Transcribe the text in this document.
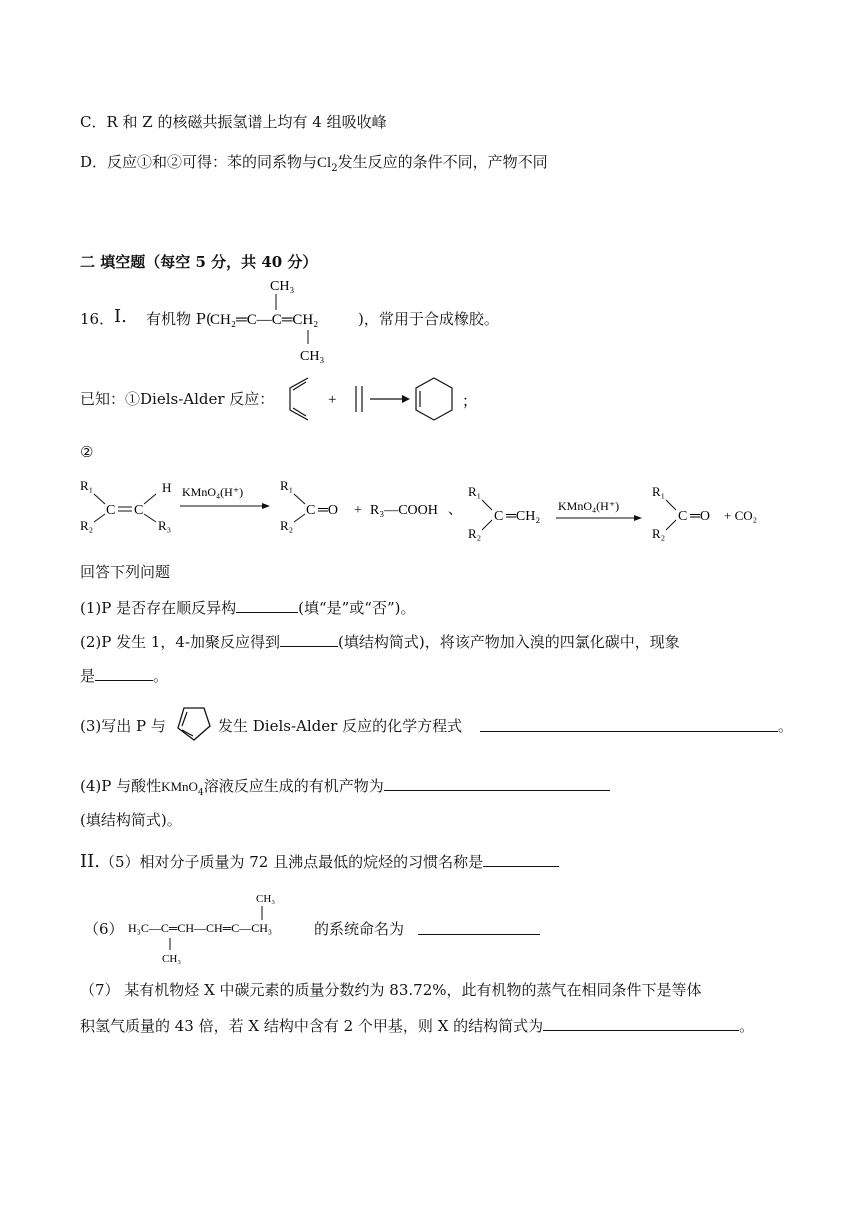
C．R 和 Z 的核磁共振氢谱上均有 4 组吸收峰
D．反应①和②可得：苯的同系物与$Cl_2$发生反应的条件不同，产物不同
二 填空题（每空 5 分，共 40 分）
16． I. 有机物 P(
CH₃
CH₂═C—C═CH₂
CH₃
)，常用于合成橡胶。
已知：①Diels-Alder 反应：	+	；
②
R₁
R₂
C C
H
R₃
KMnO₄(H⁺)	R₁
R₂
C ═O + R₃—COOH 、
R₁
R₂
C ═CH₂
KMnO₄(H⁺)
R₁
R₂
C ═O + CO₂
回答下列问题
(1)P 是否存在顺反异构	(填“是”或“否”)。
(2)P 发生 1，4-加聚反应得到	(填结构简式)，将该产物加入溴的四氯化碳中，现象
是	。
(3)写出 P 与	发生 Diels-Alder 反应的化学方程式	。
(4)P 与酸性KMnO$_4$溶液反应生成的有机产物为
(填结构简式)。
II.（5）相对分子质量为 72 且沸点最低的烷烃的习惯名称是
（6）
CH₃
H₃C—C═CH—CH═C—CH₃
CH₃
的系统命名为
（7） 某有机物烃 X 中碳元素的质量分数约为 83.72%，此有机物的蒸气在相同条件下是等体
积氢气质量的 43 倍，若 X 结构中含有 2 个甲基，则 X 的结构简式为	。
